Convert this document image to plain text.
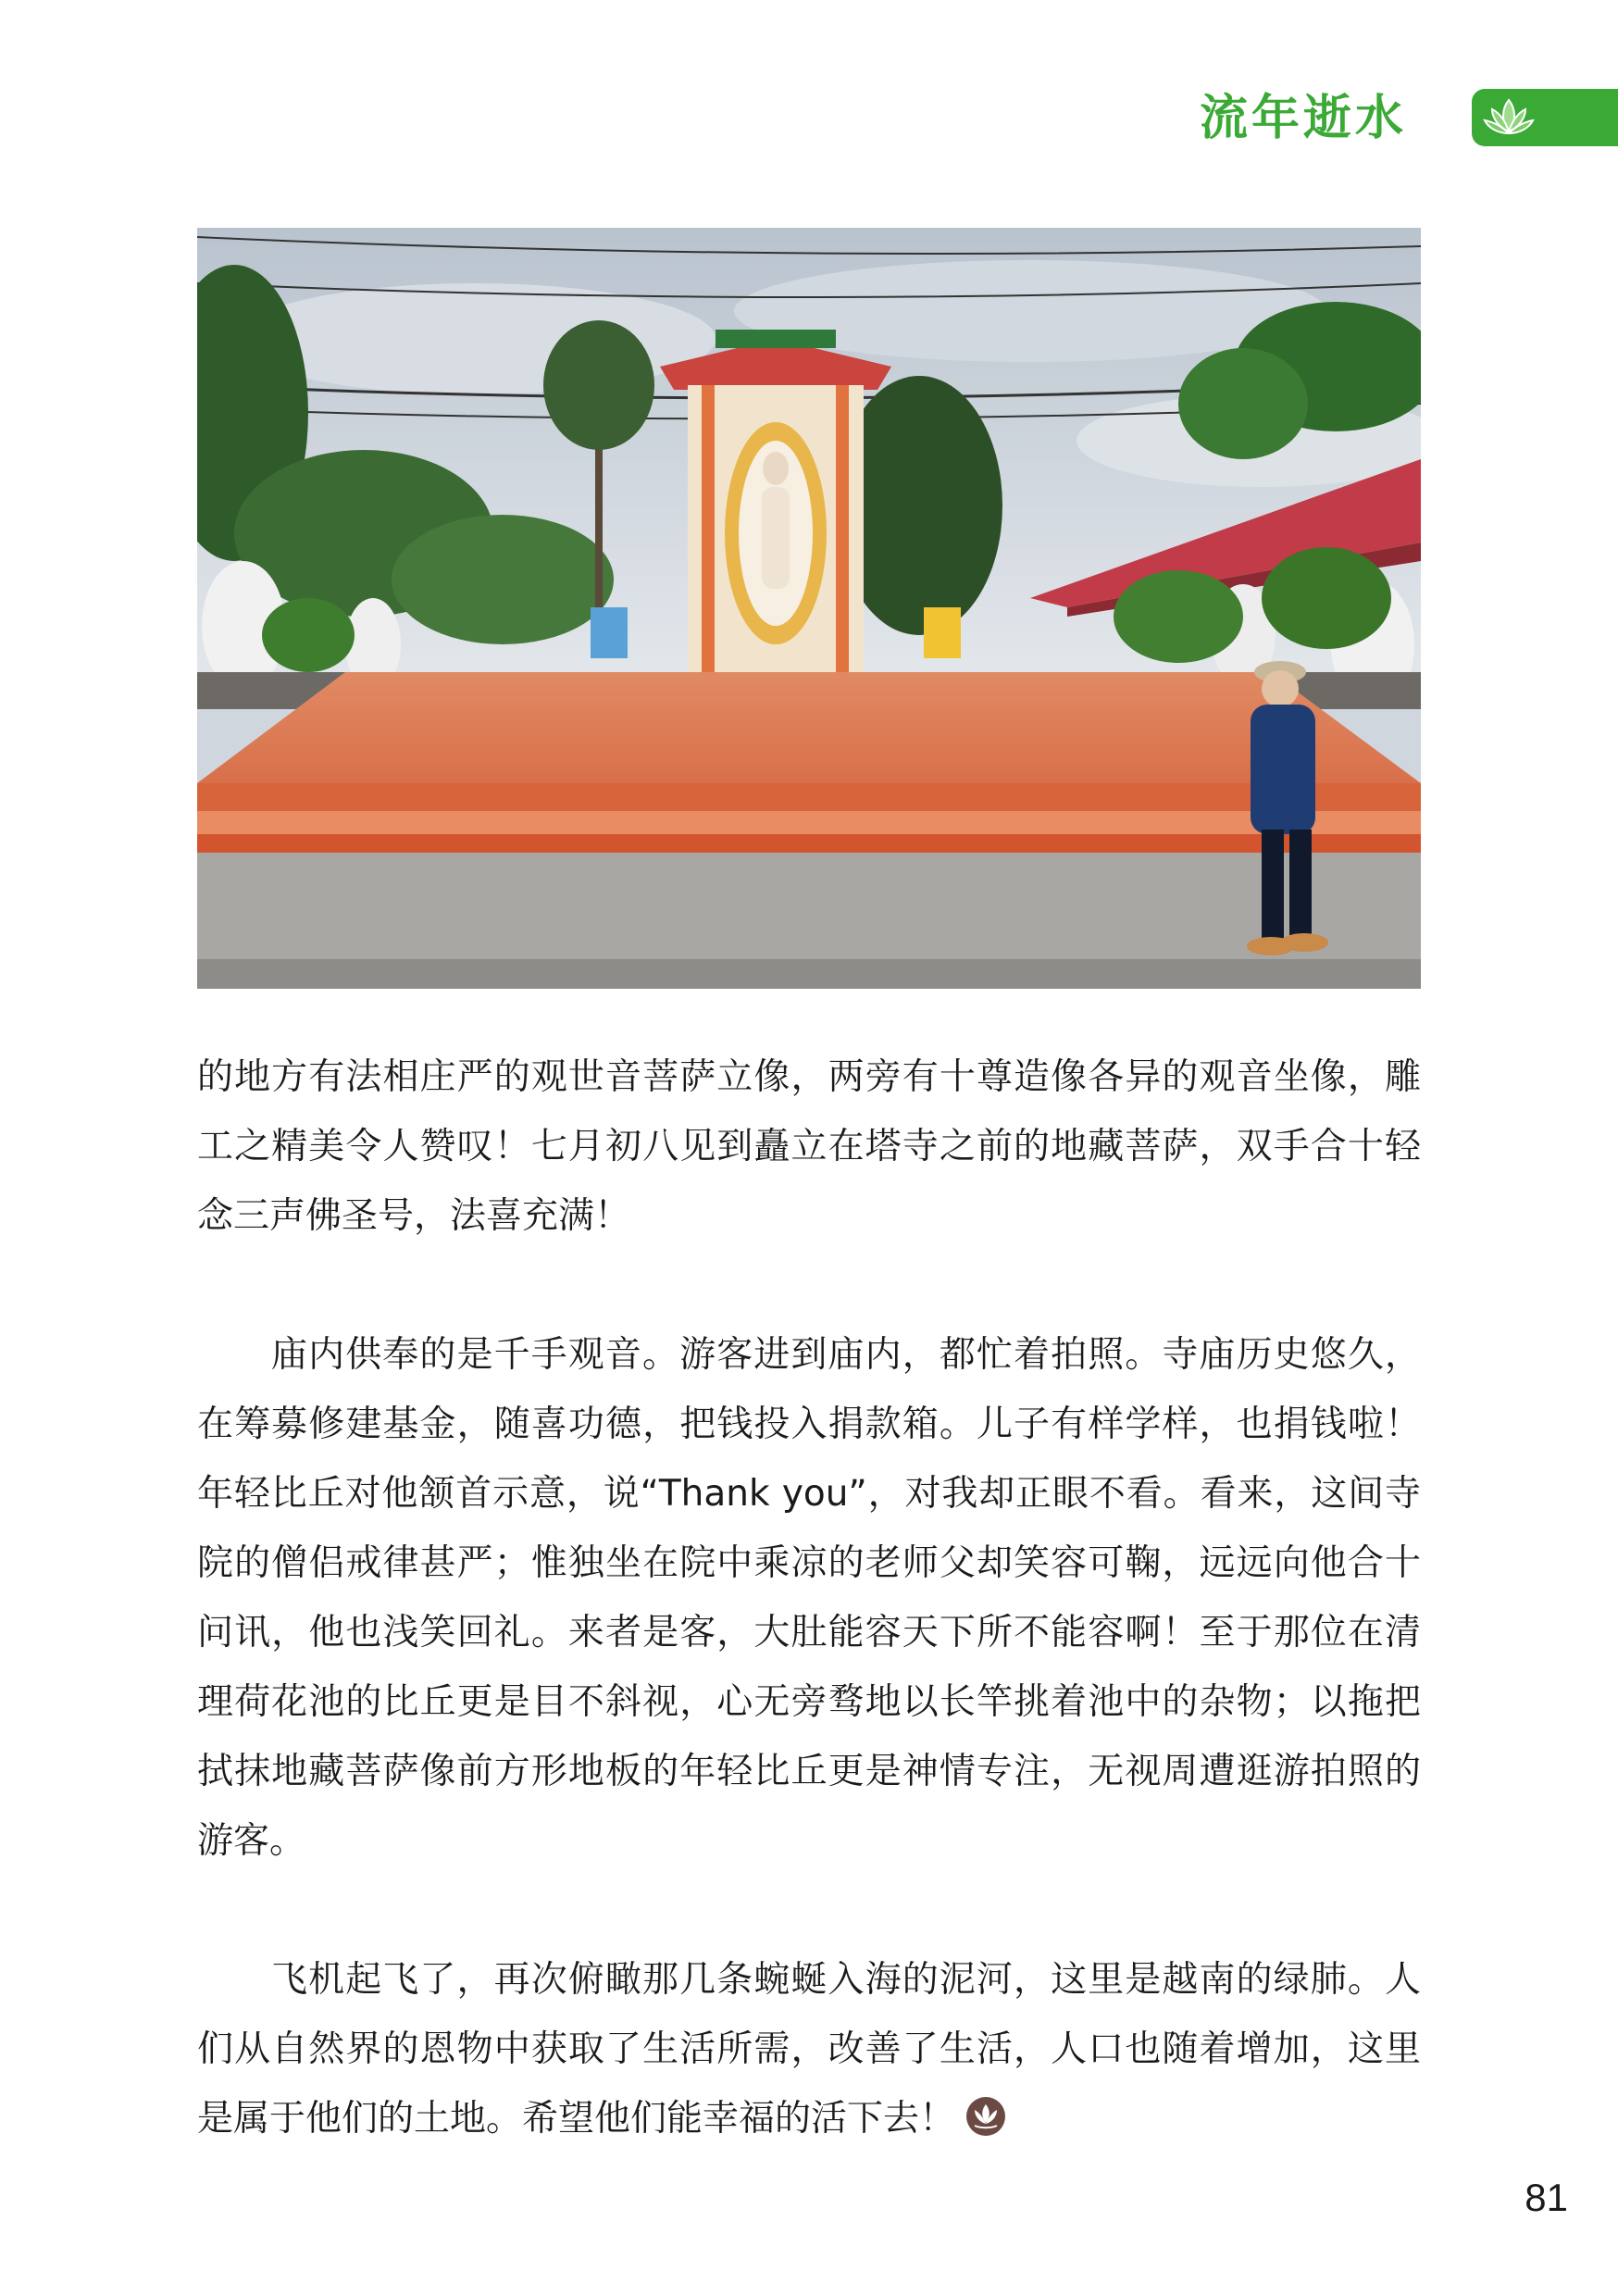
流年逝水

的地方有法相庄严的观世音菩萨立像，两旁有十尊造像各异的观音坐像，雕工之精美令人赞叹！七月初八见到矗立在塔寺之前的地藏菩萨，双手合十轻念三声佛圣号，法喜充满！

庙内供奉的是千手观音。游客进到庙内，都忙着拍照。寺庙历史悠久，在筹募修建基金，随喜功德，把钱投入捐款箱。儿子有样学样，也捐钱啦！年轻比丘对他颔首示意，说“Thank you”，对我却正眼不看。看来，这间寺院的僧侣戒律甚严；惟独坐在院中乘凉的老师父却笑容可鞠，远远向他合十问讯，他也浅笑回礼。来者是客，大肚能容天下所不能容啊！至于那位在清理荷花池的比丘更是目不斜视，心无旁骛地以长竿挑着池中的杂物；以拖把拭抹地藏菩萨像前方形地板的年轻比丘更是神情专注，无视周遭逛游拍照的游客。

飞机起飞了，再次俯瞰那几条蜿蜒入海的泥河，这里是越南的绿肺。人们从自然界的恩物中获取了生活所需，改善了生活，人口也随着增加，这里是属于他们的土地。希望他们能幸福的活下去！

81
